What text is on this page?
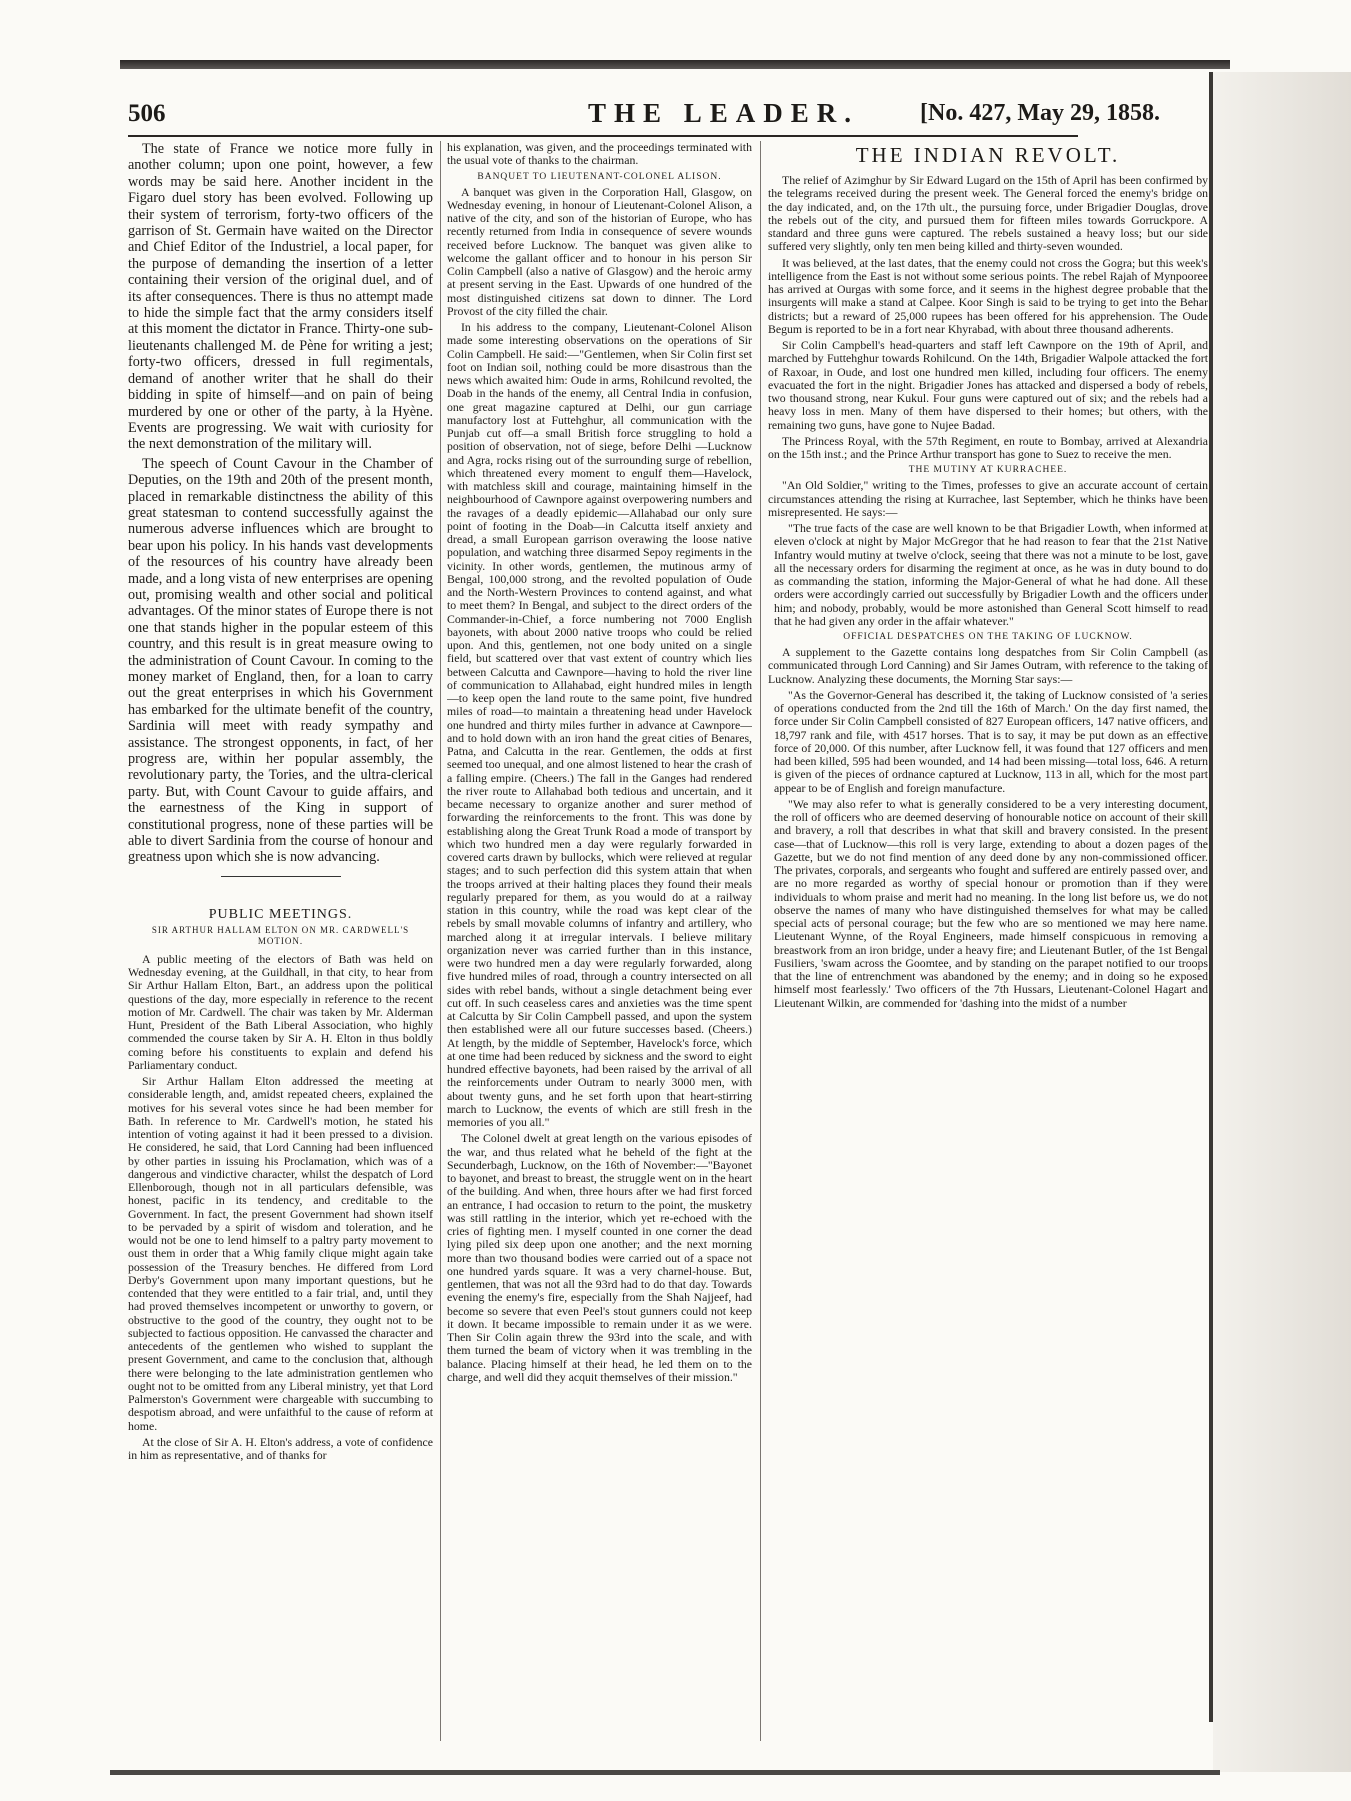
506	THE LEADER.	[No. 427, May 29, 1858.

The state of France we notice more fully in another column; upon one point, however, a few words may be said here. Another incident in the Figaro duel story has been evolved. Following up their system of terrorism, forty-two officers of the garrison of St. Germain have waited on the Director and Chief Editor of the Industriel, a local paper, for the purpose of demanding the insertion of a letter containing their version of the original duel, and of its after consequences. There is thus no attempt made to hide the simple fact that the army considers itself at this moment the dictator in France. Thirty-one sub-lieutenants challenged M. de Pène for writing a jest; forty-two officers, dressed in full regimentals, demand of another writer that he shall do their bidding in spite of himself—and on pain of being murdered by one or other of the party, à la Hyène. Events are progressing. We wait with curiosity for the next demonstration of the military will.

The speech of Count Cavour in the Chamber of Deputies, on the 19th and 20th of the present month, placed in remarkable distinctness the ability of this great statesman to contend successfully against the numerous adverse influences which are brought to bear upon his policy. In his hands vast developments of the resources of his country have already been made, and a long vista of new enterprises are opening out, promising wealth and other social and political advantages. Of the minor states of Europe there is not one that stands higher in the popular esteem of this country, and this result is in great measure owing to the administration of Count Cavour. In coming to the money market of England, then, for a loan to carry out the great enterprises in which his Government has embarked for the ultimate benefit of the country, Sardinia will meet with ready sympathy and assistance. The strongest opponents, in fact, of her progress are, within her popular assembly, the revolutionary party, the Tories, and the ultra-clerical party. But, with Count Cavour to guide affairs, and the earnestness of the King in support of constitutional progress, none of these parties will be able to divert Sardinia from the course of honour and greatness upon which she is now advancing.

PUBLIC MEETINGS.
SIR ARTHUR HALLAM ELTON ON MR. CARDWELL'S MOTION.

A public meeting of the electors of Bath was held on Wednesday evening, at the Guildhall, in that city, to hear from Sir Arthur Hallam Elton, Bart., an address upon the political questions of the day, more especially in reference to the recent motion of Mr. Cardwell. The chair was taken by Mr. Alderman Hunt, President of the Bath Liberal Association, who highly commended the course taken by Sir A. H. Elton in thus boldly coming before his constituents to explain and defend his Parliamentary conduct.

Sir Arthur Hallam Elton addressed the meeting at considerable length, and, amidst repeated cheers, explained the motives for his several votes since he had been member for Bath. In reference to Mr. Cardwell's motion, he stated his intention of voting against it had it been pressed to a division. He considered, he said, that Lord Canning had been influenced by other parties in issuing his Proclamation, which was of a dangerous and vindictive character, whilst the despatch of Lord Ellenborough, though not in all particulars defensible, was honest, pacific in its tendency, and creditable to the Government. In fact, the present Government had shown itself to be pervaded by a spirit of wisdom and toleration, and he would not be one to lend himself to a paltry party movement to oust them in order that a Whig family clique might again take possession of the Treasury benches. He differed from Lord Derby's Government upon many important questions, but he contended that they were entitled to a fair trial, and, until they had proved themselves incompetent or unworthy to govern, or obstructive to the good of the country, they ought not to be subjected to factious opposition. He canvassed the character and antecedents of the gentlemen who wished to supplant the present Government, and came to the conclusion that, although there were belonging to the late administration gentlemen who ought not to be omitted from any Liberal ministry, yet that Lord Palmerston's Government were chargeable with succumbing to despotism abroad, and were unfaithful to the cause of reform at home.

At the close of Sir A. H. Elton's address, a vote of confidence in him as representative, and of thanks for

his explanation, was given, and the proceedings terminated with the usual vote of thanks to the chairman.

BANQUET TO LIEUTENANT-COLONEL ALISON.

A banquet was given in the Corporation Hall, Glasgow, on Wednesday evening, in honour of Lieutenant-Colonel Alison, a native of the city, and son of the historian of Europe, who has recently returned from India in consequence of severe wounds received before Lucknow. The banquet was given alike to welcome the gallant officer and to honour in his person Sir Colin Campbell (also a native of Glasgow) and the heroic army at present serving in the East. Upwards of one hundred of the most distinguished citizens sat down to dinner. The Lord Provost of the city filled the chair.

In his address to the company, Lieutenant-Colonel Alison made some interesting observations on the operations of Sir Colin Campbell. He said:—"Gentlemen, when Sir Colin first set foot on Indian soil, nothing could be more disastrous than the news which awaited him: Oude in arms, Rohilcund revolted, the Doab in the hands of the enemy, all Central India in confusion, one great magazine captured at Delhi, our gun carriage manufactory lost at Futtehghur, all communication with the Punjab cut off—a small British force struggling to hold a position of observation, not of siege, before Delhi —Lucknow and Agra, rocks rising out of the surrounding surge of rebellion, which threatened every moment to engulf them—Havelock, with matchless skill and courage, maintaining himself in the neighbourhood of Cawnpore against overpowering numbers and the ravages of a deadly epidemic—Allahabad our only sure point of footing in the Doab—in Calcutta itself anxiety and dread, a small European garrison overawing the loose native population, and watching three disarmed Sepoy regiments in the vicinity. In other words, gentlemen, the mutinous army of Bengal, 100,000 strong, and the revolted population of Oude and the North-Western Provinces to contend against, and what to meet them? In Bengal, and subject to the direct orders of the Commander-in-Chief, a force numbering not 7000 English bayonets, with about 2000 native troops who could be relied upon. And this, gentlemen, not one body united on a single field, but scattered over that vast extent of country which lies between Calcutta and Cawnpore—having to hold the river line of communication to Allahabad, eight hundred miles in length—to keep open the land route to the same point, five hundred miles of road—to maintain a threatening head under Havelock one hundred and thirty miles further in advance at Cawnpore—and to hold down with an iron hand the great cities of Benares, Patna, and Calcutta in the rear. Gentlemen, the odds at first seemed too unequal, and one almost listened to hear the crash of a falling empire. (Cheers.) The fall in the Ganges had rendered the river route to Allahabad both tedious and uncertain, and it became necessary to organize another and surer method of forwarding the reinforcements to the front. This was done by establishing along the Great Trunk Road a mode of transport by which two hundred men a day were regularly forwarded in covered carts drawn by bullocks, which were relieved at regular stages; and to such perfection did this system attain that when the troops arrived at their halting places they found their meals regularly prepared for them, as you would do at a railway station in this country, while the road was kept clear of the rebels by small movable columns of infantry and artillery, who marched along it at irregular intervals. I believe military organization never was carried further than in this instance, were two hundred men a day were regularly forwarded, along five hundred miles of road, through a country intersected on all sides with rebel bands, without a single detachment being ever cut off. In such ceaseless cares and anxieties was the time spent at Calcutta by Sir Colin Campbell passed, and upon the system then established were all our future successes based. (Cheers.) At length, by the middle of September, Havelock's force, which at one time had been reduced by sickness and the sword to eight hundred effective bayonets, had been raised by the arrival of all the reinforcements under Outram to nearly 3000 men, with about twenty guns, and he set forth upon that heart-stirring march to Lucknow, the events of which are still fresh in the memories of you all."

The Colonel dwelt at great length on the various episodes of the war, and thus related what he beheld of the fight at the Secunderbagh, Lucknow, on the 16th of November:—"Bayonet to bayonet, and breast to breast, the struggle went on in the heart of the building. And when, three hours after we had first forced an entrance, I had occasion to return to the point, the musketry was still rattling in the interior, which yet re-echoed with the cries of fighting men. I myself counted in one corner the dead lying piled six deep upon one another; and the next morning more than two thousand bodies were carried out of a space not one hundred yards square. It was a very charnel-house. But, gentlemen, that was not all the 93rd had to do that day. Towards evening the enemy's fire, especially from the Shah Najjeef, had become so severe that even Peel's stout gunners could not keep it down. It became impossible to remain under it as we were. Then Sir Colin again threw the 93rd into the scale, and with them turned the beam of victory when it was trembling in the balance. Placing himself at their head, he led them on to the charge, and well did they acquit themselves of their mission."

THE INDIAN REVOLT.

The relief of Azimghur by Sir Edward Lugard on the 15th of April has been confirmed by the telegrams received during the present week. The General forced the enemy's bridge on the day indicated, and, on the 17th ult., the pursuing force, under Brigadier Douglas, drove the rebels out of the city, and pursued them for fifteen miles towards Gorruckpore. A standard and three guns were captured. The rebels sustained a heavy loss; but our side suffered very slightly, only ten men being killed and thirty-seven wounded.

It was believed, at the last dates, that the enemy could not cross the Gogra; but this week's intelligence from the East is not without some serious points. The rebel Rajah of Mynpooree has arrived at Ourgas with some force, and it seems in the highest degree probable that the insurgents will make a stand at Calpee. Koor Singh is said to be trying to get into the Behar districts; but a reward of 25,000 rupees has been offered for his apprehension. The Oude Begum is reported to be in a fort near Khyrabad, with about three thousand adherents.

Sir Colin Campbell's head-quarters and staff left Cawnpore on the 19th of April, and marched by Futtehghur towards Rohilcund. On the 14th, Brigadier Walpole attacked the fort of Raxoar, in Oude, and lost one hundred men killed, including four officers. The enemy evacuated the fort in the night. Brigadier Jones has attacked and dispersed a body of rebels, two thousand strong, near Kukul. Four guns were captured out of six; and the rebels had a heavy loss in men. Many of them have dispersed to their homes; but others, with the remaining two guns, have gone to Nujee Badad.

The Princess Royal, with the 57th Regiment, en route to Bombay, arrived at Alexandria on the 15th inst.; and the Prince Arthur transport has gone to Suez to receive the men.

THE MUTINY AT KURRACHEE.

"An Old Soldier," writing to the Times, professes to give an accurate account of certain circumstances attending the rising at Kurrachee, last September, which he thinks have been misrepresented. He says:—

"The true facts of the case are well known to be that Brigadier Lowth, when informed at eleven o'clock at night by Major McGregor that he had reason to fear that the 21st Native Infantry would mutiny at twelve o'clock, seeing that there was not a minute to be lost, gave all the necessary orders for disarming the regiment at once, as he was in duty bound to do as commanding the station, informing the Major-General of what he had done. All these orders were accordingly carried out successfully by Brigadier Lowth and the officers under him; and nobody, probably, would be more astonished than General Scott himself to read that he had given any order in the affair whatever."

OFFICIAL DESPATCHES ON THE TAKING OF LUCKNOW.

A supplement to the Gazette contains long despatches from Sir Colin Campbell (as communicated through Lord Canning) and Sir James Outram, with reference to the taking of Lucknow. Analyzing these documents, the Morning Star says:—

"As the Governor-General has described it, the taking of Lucknow consisted of 'a series of operations conducted from the 2nd till the 16th of March.' On the day first named, the force under Sir Colin Campbell consisted of 827 European officers, 147 native officers, and 18,797 rank and file, with 4517 horses. That is to say, it may be put down as an effective force of 20,000. Of this number, after Lucknow fell, it was found that 127 officers and men had been killed, 595 had been wounded, and 14 had been missing—total loss, 646. A return is given of the pieces of ordnance captured at Lucknow, 113 in all, which for the most part appear to be of English and foreign manufacture.

"We may also refer to what is generally considered to be a very interesting document, the roll of officers who are deemed deserving of honourable notice on account of their skill and bravery, a roll that describes in what that skill and bravery consisted. In the present case—that of Lucknow—this roll is very large, extending to about a dozen pages of the Gazette, but we do not find mention of any deed done by any non-commissioned officer. The privates, corporals, and sergeants who fought and suffered are entirely passed over, and are no more regarded as worthy of special honour or promotion than if they were individuals to whom praise and merit had no meaning. In the long list before us, we do not observe the names of many who have distinguished themselves for what may be called special acts of personal courage; but the few who are so mentioned we may here name. Lieutenant Wynne, of the Royal Engineers, made himself conspicuous in removing a breastwork from an iron bridge, under a heavy fire; and Lieutenant Butler, of the 1st Bengal Fusiliers, 'swam across the Goomtee, and by standing on the parapet notified to our troops that the line of entrenchment was abandoned by the enemy; and in doing so he exposed himself most fearlessly.' Two officers of the 7th Hussars, Lieutenant-Colonel Hagart and Lieutenant Wilkin, are commended for 'dashing into the midst of a number
